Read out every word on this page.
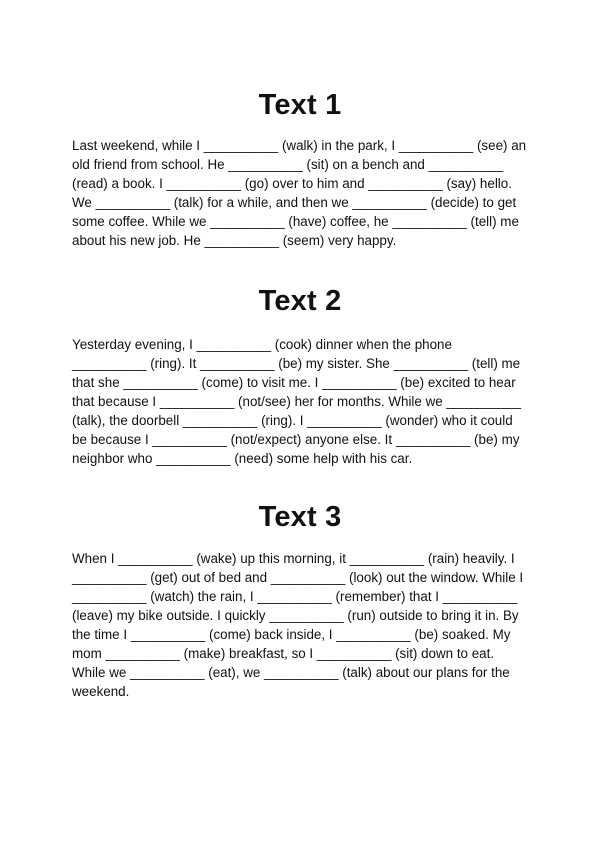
Text 1

Last weekend, while I __________ (walk) in the park, I __________ (see) an old friend from school. He __________ (sit) on a bench and __________ (read) a book. I __________ (go) over to him and __________ (say) hello. We __________ (talk) for a while, and then we __________ (decide) to get some coffee. While we __________ (have) coffee, he __________ (tell) me about his new job. He __________ (seem) very happy.

Text 2

Yesterday evening, I __________ (cook) dinner when the phone __________ (ring). It __________ (be) my sister. She __________ (tell) me that she __________ (come) to visit me. I __________ (be) excited to hear that because I __________ (not/see) her for months. While we __________ (talk), the doorbell __________ (ring). I __________ (wonder) who it could be because I __________ (not/expect) anyone else. It __________ (be) my neighbor who __________ (need) some help with his car.

Text 3

When I __________ (wake) up this morning, it __________ (rain) heavily. I __________ (get) out of bed and __________ (look) out the window. While I __________ (watch) the rain, I __________ (remember) that I __________ (leave) my bike outside. I quickly __________ (run) outside to bring it in. By the time I __________ (come) back inside, I __________ (be) soaked. My mom __________ (make) breakfast, so I __________ (sit) down to eat. While we __________ (eat), we __________ (talk) about our plans for the weekend.
